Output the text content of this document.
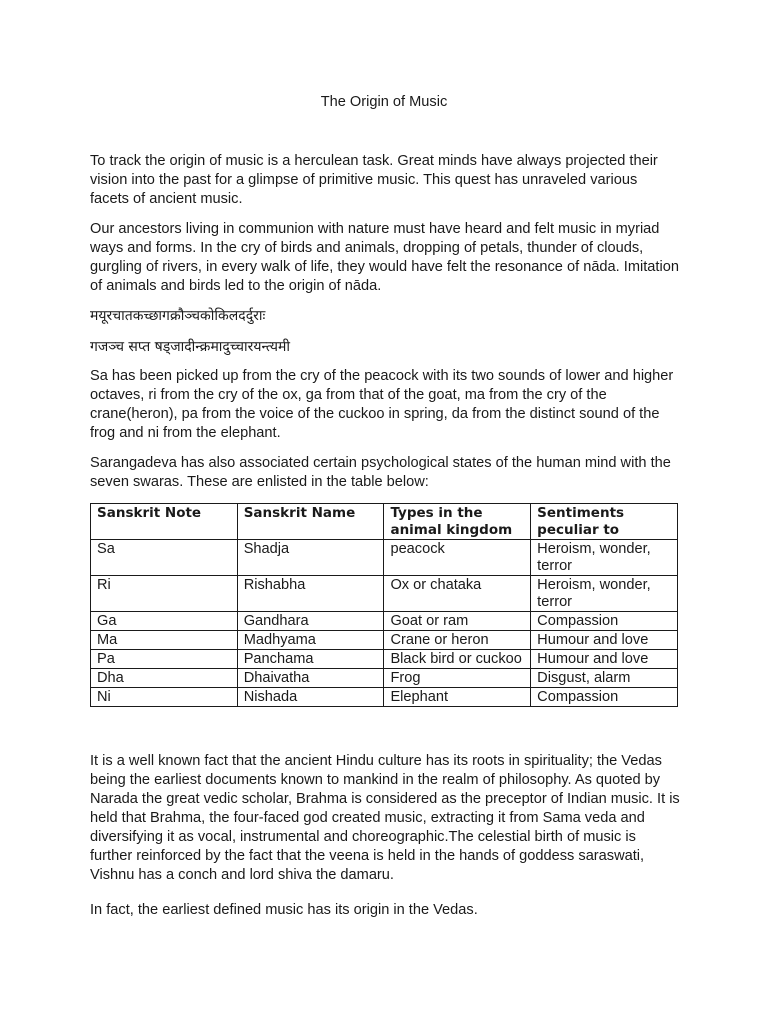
The Origin of Music

To track the origin of music is a herculean task. Great minds have always projected their vision into the past for a glimpse of primitive music. This quest has unraveled various facets of ancient music.

Our ancestors living in communion with nature must have heard and felt music in myriad ways and forms. In the cry of birds and animals, dropping of petals, thunder of clouds, gurgling of rivers, in every walk of life, they would have felt the resonance of nāda. Imitation of animals and birds led to the origin of nāda.

मयूरचातकच्छागक्रौञ्चकोकिलदर्दुराः

गजञ्च सप्त षड्जादीन्क्रमादुच्चारयन्त्यमी

Sa has been picked up from the cry of the peacock with its two sounds of lower and higher octaves, ri from the cry of the ox, ga from that of the goat, ma from the cry of the crane(heron), pa from the voice of the cuckoo in spring, da from the distinct sound of the frog and ni from the elephant.

Sarangadeva has also associated certain psychological states of the human mind with the seven swaras. These are enlisted in the table below:

Sanskrit Note	Sanskrit Name	Types in the animal kingdom	Sentiments peculiar to
Sa	Shadja	peacock	Heroism, wonder, terror
Ri	Rishabha	Ox or chataka	Heroism, wonder, terror
Ga	Gandhara	Goat or ram	Compassion
Ma	Madhyama	Crane or heron	Humour and love
Pa	Panchama	Black bird or cuckoo	Humour and love
Dha	Dhaivatha	Frog	Disgust, alarm
Ni	Nishada	Elephant	Compassion

It is a well known fact that the ancient Hindu culture has its roots in spirituality; the Vedas being the earliest documents known to mankind in the realm of philosophy. As quoted by Narada the great vedic scholar, Brahma is considered as the preceptor of Indian music. It is held that Brahma, the four-faced god created music, extracting it from Sama veda and diversifying it as vocal, instrumental and choreographic.The celestial birth of music is further reinforced by the fact that the veena is held in the hands of goddess saraswati, Vishnu has a conch and lord shiva the damaru.

In fact, the earliest defined music has its origin in the Vedas.
